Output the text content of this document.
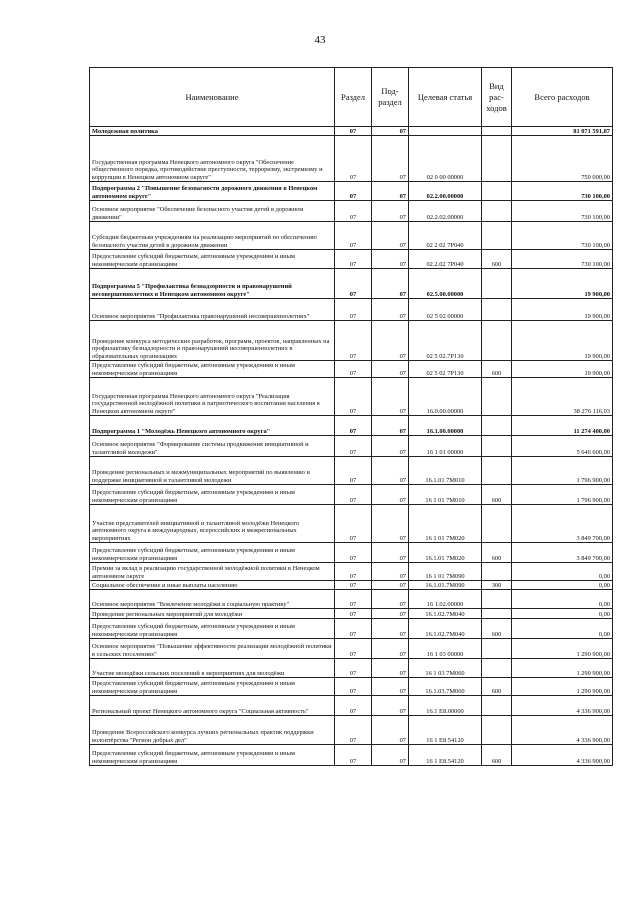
43
Наименование	Раздел	Под-раздел	Целевая статья	Вид рас-ходов	Всего расходов
Молодежная политика	07	07			81 071 591,87
Государственная программа Ненецкого автономного округа "Обеспечение общественного порядка, противодействие преступности, терроризму, экстремизму и коррупции в Ненецком автономном округе"	07	07	02 0 00 00000		750 000,00
Подпрограмма 2 "Повышение безопасности дорожного движения в Ненецком автономном округе"	07	07	02.2.00.00000		730 100,00
Основное мероприятие "Обеспечение безопасного участия детей в дорожном движении"	07	07	02.2.02.00000		730 100,00
Субсидии бюджетным учреждениям на реализацию мероприятий по обеспечению безопасного участия детей в дорожном движении	07	07	02 2 02 7Р040		730 100,00
Предоставление субсидий бюджетным, автономным учреждениям и иным некоммерческим организациям	07	07	02.2.02 7Р040	600	730 100,00
Подпрограмма 5 "Профилактика безнадзорности и правонарушений несовершеннолетних в Ненецком автономном округе"	07	07	02.5.00.00000		19 900,00
Основное мероприятие "Профилактика правонарушений несовершеннолетних"	07	07	02 5 02 00000		19 900,00
Проведение конкурса методических разработок, программ, проектов, направленных на профилактику безнадзорности и правонарушений несовершеннолетних в образовательных организациях	07	07	02 5 02.7Р130		19 900,00
Предоставление субсидий бюджетным, автономным учреждениям и иным некоммерческим организациям	07	07	02 5 02 7Р130	600	19 900,00
Государственная программа Ненецкого автономного округа "Реализация государственной молодёжной политики и патриотического воспитания населения в Ненецком автономном округе"	07	07	16.0.00.00000		38 276 116,03
Подпрограмма 1 "Молодёжь Ненецкого автономного округа"	07	07	16.1.00.00000		11 274 400,00
Основное мероприятие "Формирование системы продвижения инициативной и талантливой молодежи"	07	07	16 1 01 00000		5 646 600,00
Проведение региональных и межмуниципальных мероприятий по выявлению и поддержке инициативной и талантливой молодежи	07	07	16.1.01 7М010		1 796 900,00
Предоставление субсидий бюджетным, автономным учреждениям и иным некоммерческим организациям	07	07	16 1 01 7М010	600	1 796 900,00
Участие представителей инициативной и талантливой молодёжи Ненецкого автономного округа в международных, всероссийских и межрегиональных мероприятиях	07	07	16 1 01 7М020		3 849 700,00
Предоставление субсидий бюджетным, автономным учреждениям и иным некоммерческим организациям	07	07	16.1.01 7М020	600	3 849 700,00
Премии за вклад в реализацию государственной молодёжной политики в Ненецком автономном округе	07	07	16 1 01 7М090		0,00
Социальное обеспечение и иные выплаты населению	07	07	16.1.01.7М090	300	0,00
Основное мероприятие "Вовлечение молодёжи в социальную практику"	07	07	16 1.02.00000		0,00
Проведение региональных мероприятий для молодёжи	07	07	16.1.02.7М040		0,00
Предоставление субсидий бюджетным, автономным учреждениям и иным некоммерческим организациям	07	07	16.1.02.7М040	600	0,00
Основное мероприятие "Повышение эффективности реализации молодёжной политики в сельских поселениях"	07	07	16 1 03 00000		1 290 900,00
Участие молодёжи сельских поселений в мероприятиях для молодёжи	07	07	16 1 03 7М060		1 290 900,00
Предоставление субсидий бюджетным, автономным учреждениям и иным некоммерческим организациям	07	07	16.1.03.7М060	600	1 290 900,00
Региональный проект Ненецкого автономного округа "Социальная активность"	07	07	16.1 E8.00000		4 336 900,00
Проведение Всероссийского конкурса лучших региональных практик поддержки волонтёрства "Регион добрых дел"	07	07	16 1 E8 54120		4 336 900,00
Предоставление субсидий бюджетным, автономным учреждениям и иным некоммерческим организациям	07	07	16 1 E8.54120	600	4 336 900,00
